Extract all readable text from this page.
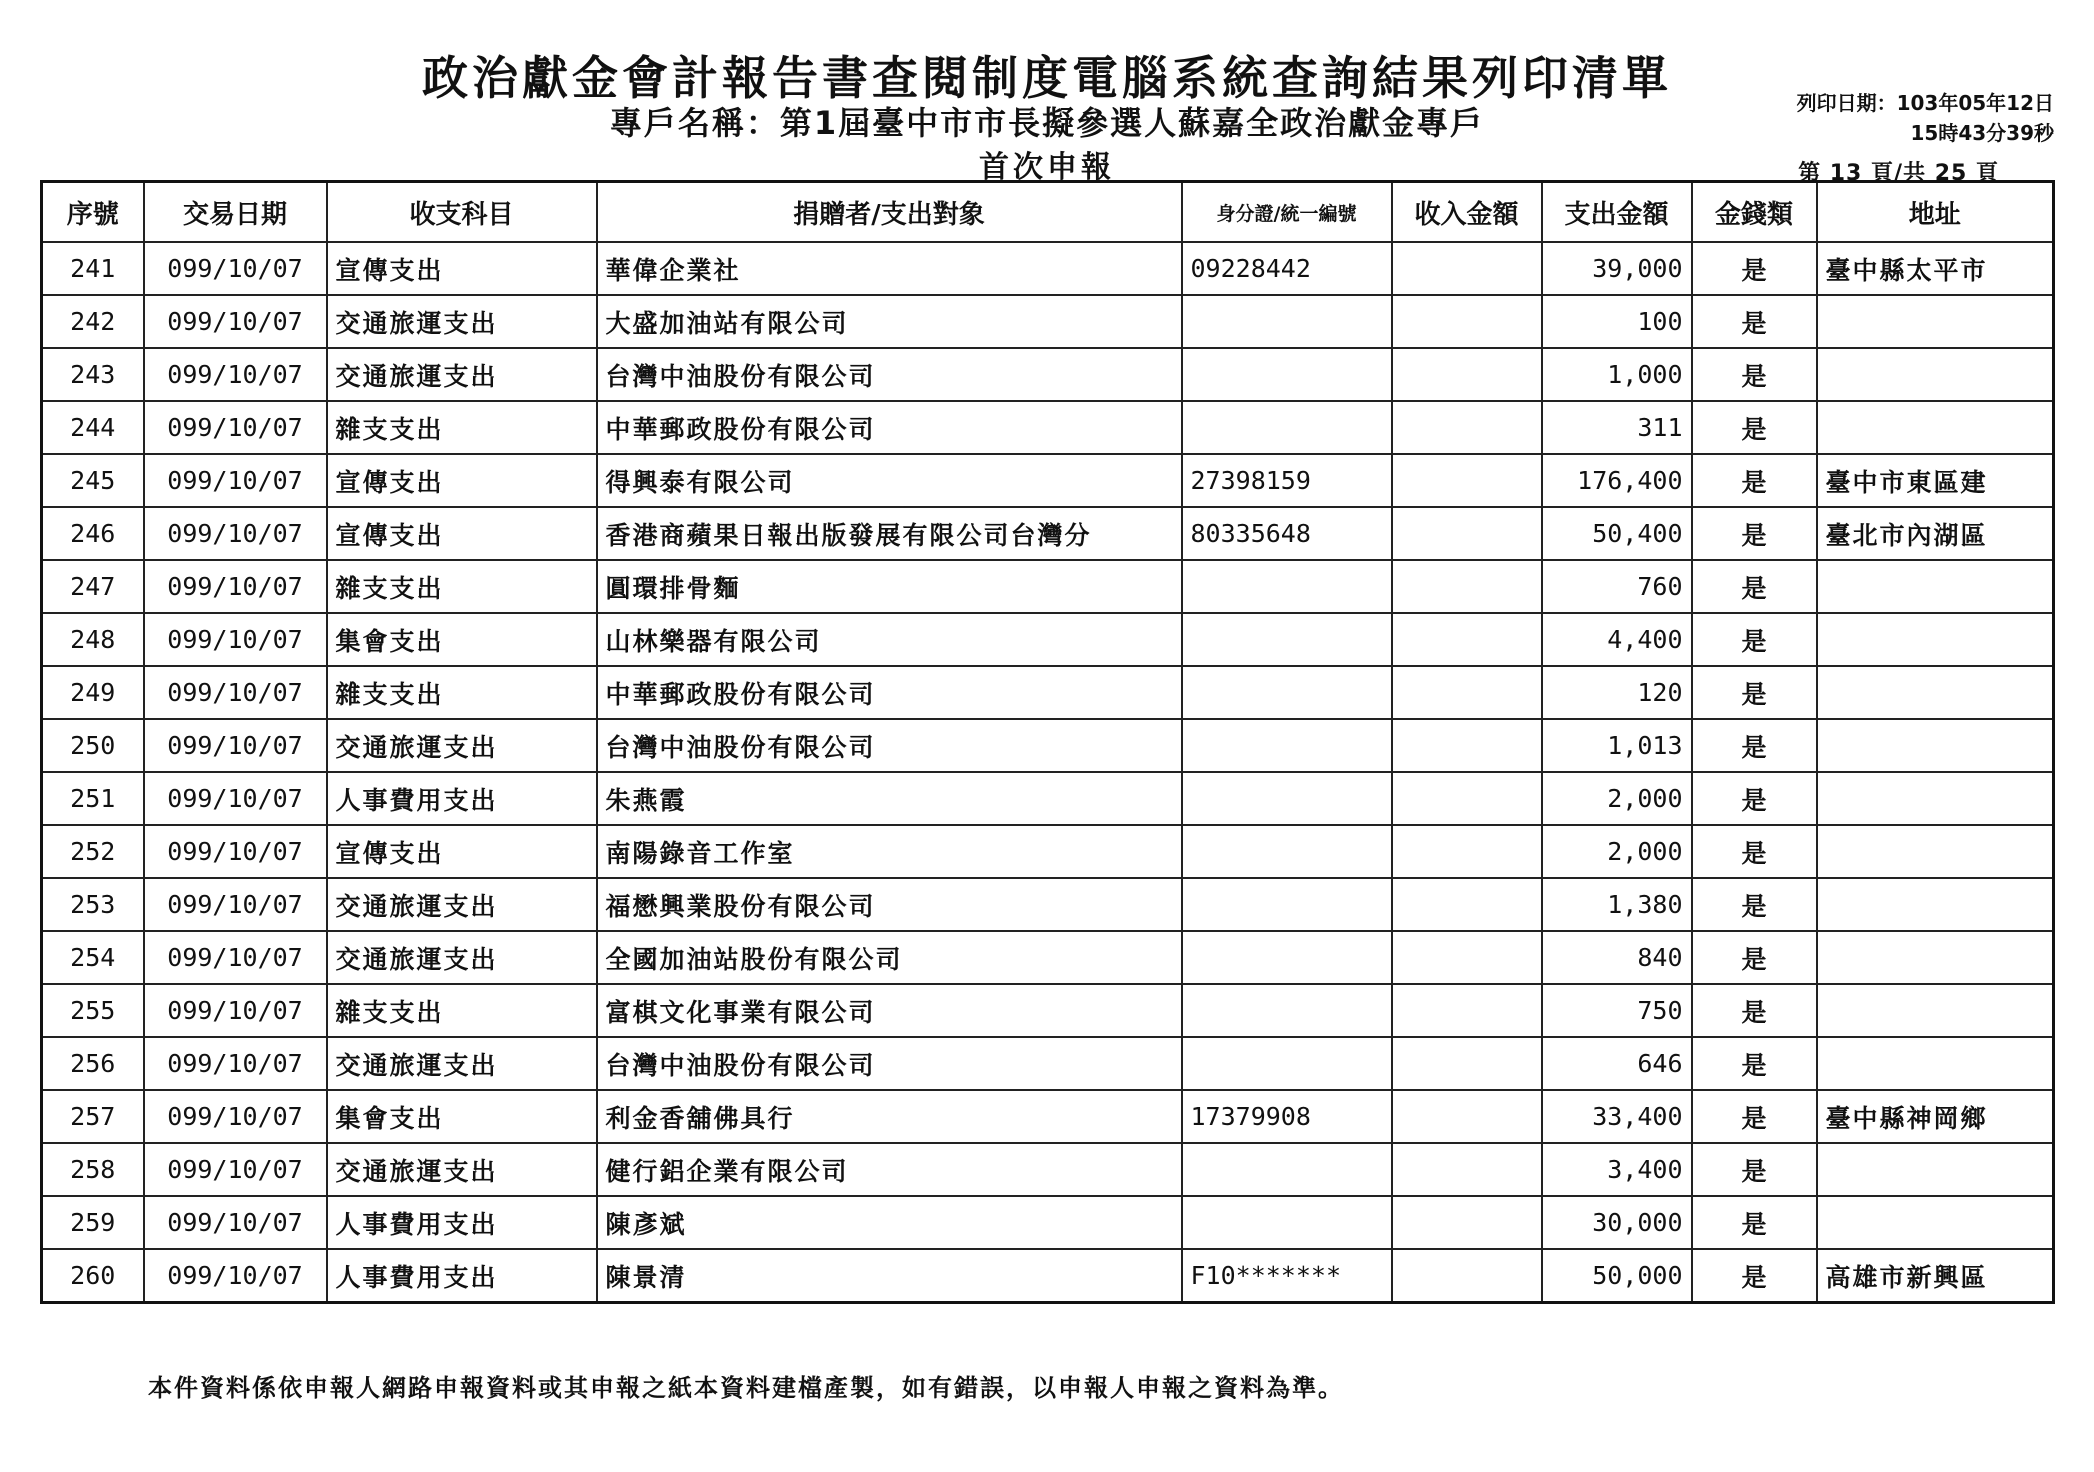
政治獻金會計報告書查閱制度電腦系統查詢結果列印清單
專戶名稱：第1屆臺中市市長擬參選人蘇嘉全政治獻金專戶
首次申報
列印日期：103年05年12日
15時43分39秒
第 13 頁/共 25 頁
序號	交易日期	收支科目	捐贈者/支出對象	身分證/統一編號	收入金額	支出金額	金錢類	地址
241	099/10/07	宣傳支出	華偉企業社	09228442		39,000	是	臺中縣太平市
242	099/10/07	交通旅運支出	大盛加油站有限公司			100	是	
243	099/10/07	交通旅運支出	台灣中油股份有限公司			1,000	是	
244	099/10/07	雜支支出	中華郵政股份有限公司			311	是	
245	099/10/07	宣傳支出	得興泰有限公司	27398159		176,400	是	臺中市東區建
246	099/10/07	宣傳支出	香港商蘋果日報出版發展有限公司台灣分	80335648		50,400	是	臺北市內湖區
247	099/10/07	雜支支出	圓環排骨麵			760	是	
248	099/10/07	集會支出	山林樂器有限公司			4,400	是	
249	099/10/07	雜支支出	中華郵政股份有限公司			120	是	
250	099/10/07	交通旅運支出	台灣中油股份有限公司			1,013	是	
251	099/10/07	人事費用支出	朱燕霞			2,000	是	
252	099/10/07	宣傳支出	南陽錄音工作室			2,000	是	
253	099/10/07	交通旅運支出	福懋興業股份有限公司			1,380	是	
254	099/10/07	交通旅運支出	全國加油站股份有限公司			840	是	
255	099/10/07	雜支支出	富棋文化事業有限公司			750	是	
256	099/10/07	交通旅運支出	台灣中油股份有限公司			646	是	
257	099/10/07	集會支出	利金香舖佛具行	17379908		33,400	是	臺中縣神岡鄉
258	099/10/07	交通旅運支出	健行鋁企業有限公司			3,400	是	
259	099/10/07	人事費用支出	陳彥斌			30,000	是	
260	099/10/07	人事費用支出	陳景清	F10*******		50,000	是	高雄市新興區
本件資料係依申報人網路申報資料或其申報之紙本資料建檔產製，如有錯誤，以申報人申報之資料為準。
